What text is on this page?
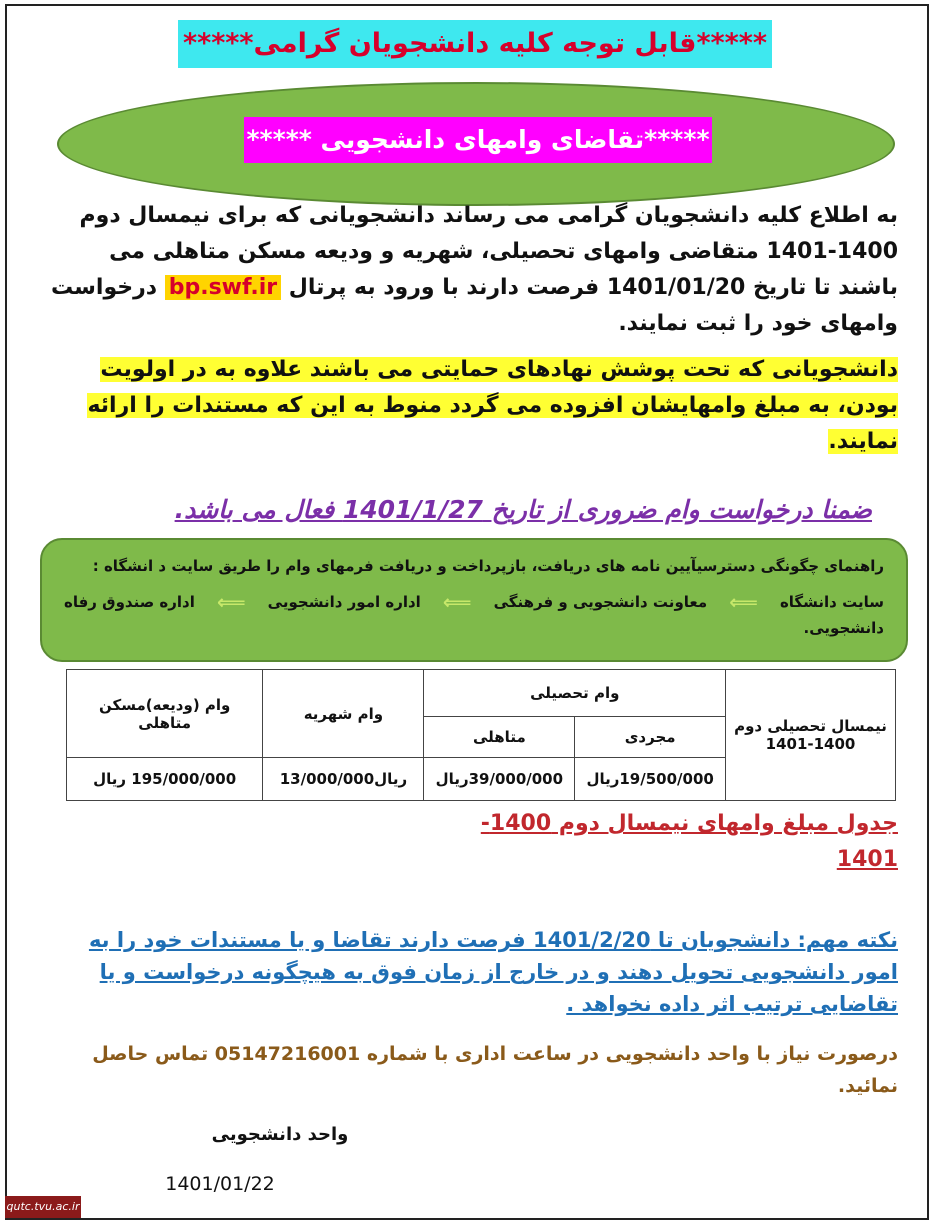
*****قابل توجه کلیه دانشجویان گرامی*****
*****تقاضای وامهای دانشجویی *****
به اطلاع کلیه دانشجویان گرامی می رساند دانشجویانی که برای نیمسال دوم 1400-1401 متقاضی وامهای تحصیلی، شهریه و ودیعه مسکن متاهلی می باشند تا تاریخ 1401/01/20 فرصت دارند با ورود به پرتال bp.swf.ir درخواست وامهای خود را ثبت نمایند.
دانشجویانی که تحت پوشش نهادهای حمایتی می باشند علاوه به در اولویت بودن، به مبلغ وامهایشان افزوده می گردد منوط به این که مستندات را ارائه نمایند.
ضمنا درخواست وام ضروری از تاریخ 1401/1/27 فعال می باشد.
راهنمای چگونگی دسترسیآیین نامه های دریافت، بازپرداخت و دریافت فرمهای وام را طریق سایت د انشگاه :
سایت دانشگاه
⟸
معاونت دانشجویی و فرهنگی
⟸
اداره امور دانشجویی
⟸
اداره صندوق رفاه
دانشجویی.
نیمسال تحصیلی دوم 1400-1401	وام تحصیلی		وام شهریه	وام (ودیعه)مسکن متاهلی
	مجردی	متاهلی		
	19/500/000ریال	39/000/000ریال	ریال13/000/000	195/000/000 ریال
جدول مبلغ وامهای نیمسال دوم 1400-1401
نکته مهم: دانشجویان تا 1401/2/20 فرصت دارند تقاضا و یا مستندات خود را به امور دانشجویی تحویل دهند و در خارج از زمان فوق به هیچگونه درخواست و یا تقاضایی ترتیب اثر داده نخواهد .
درصورت نیاز با واحد دانشجویی در ساعت اداری با شماره 05147216001 تماس حاصل نمائید.
واحد دانشجویی
1401/01/22
qutc.tvu.ac.ir
